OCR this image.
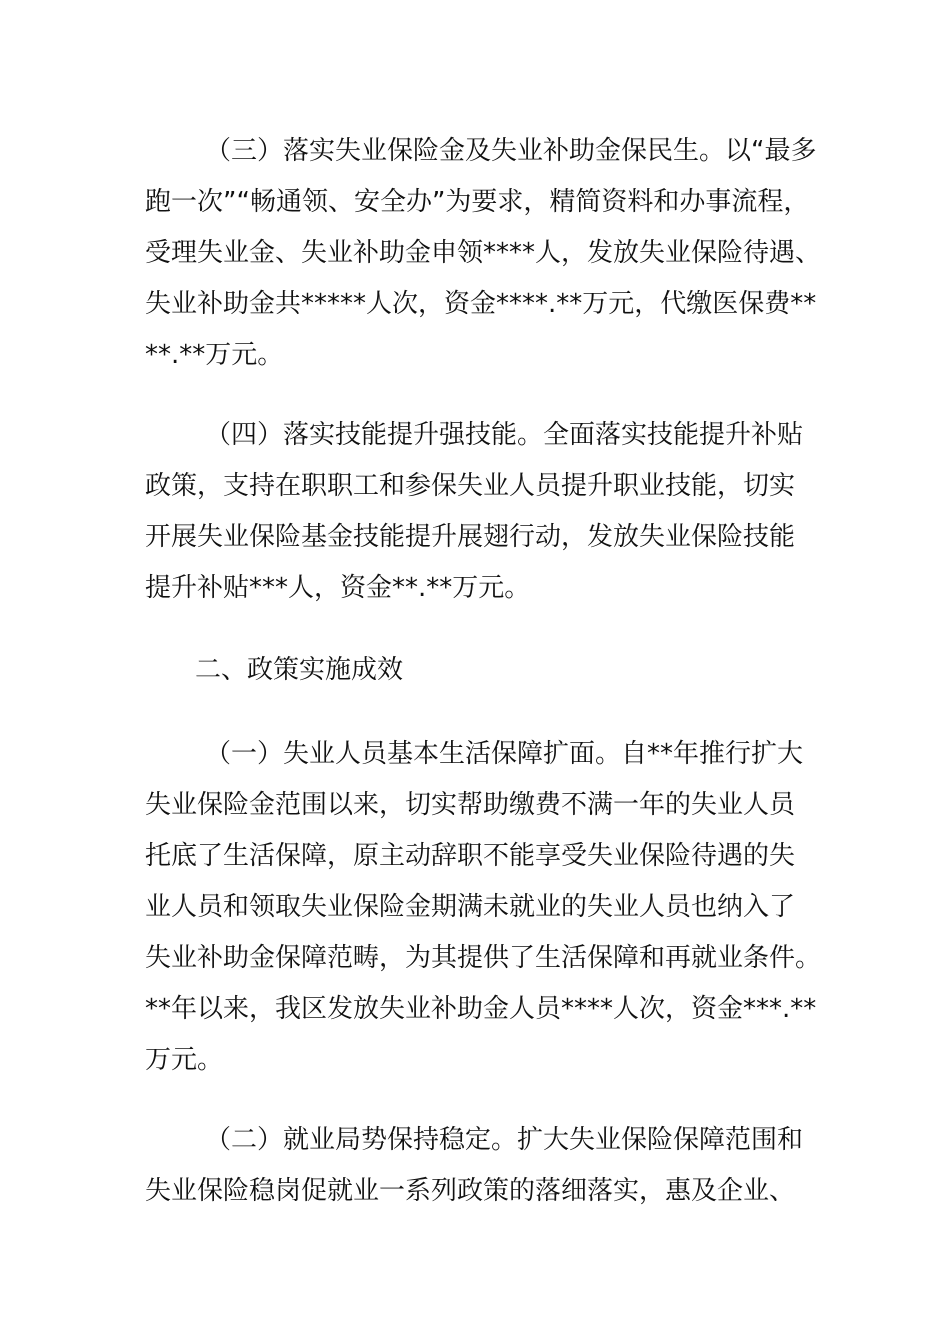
（三）落实失业保险金及失业补助金保民生。以“最多
跑一次”“畅通领、安全办”为要求，精简资料和办事流程，
受理失业金、失业补助金申领****人，发放失业保险待遇、
失业补助金共*****人次，资金****.**万元，代缴医保费**
**.**万元。
（四）落实技能提升强技能。全面落实技能提升补贴
政策，支持在职职工和参保失业人员提升职业技能，切实
开展失业保险基金技能提升展翅行动，发放失业保险技能
提升补贴***人，资金**.**万元。
二、政策实施成效
（一）失业人员基本生活保障扩面。自**年推行扩大
失业保险金范围以来，切实帮助缴费不满一年的失业人员
托底了生活保障，原主动辞职不能享受失业保险待遇的失
业人员和领取失业保险金期满未就业的失业人员也纳入了
失业补助金保障范畴，为其提供了生活保障和再就业条件。
**年以来，我区发放失业补助金人员****人次，资金***.**
万元。
（二）就业局势保持稳定。扩大失业保险保障范围和
失业保险稳岗促就业一系列政策的落细落实，惠及企业、
